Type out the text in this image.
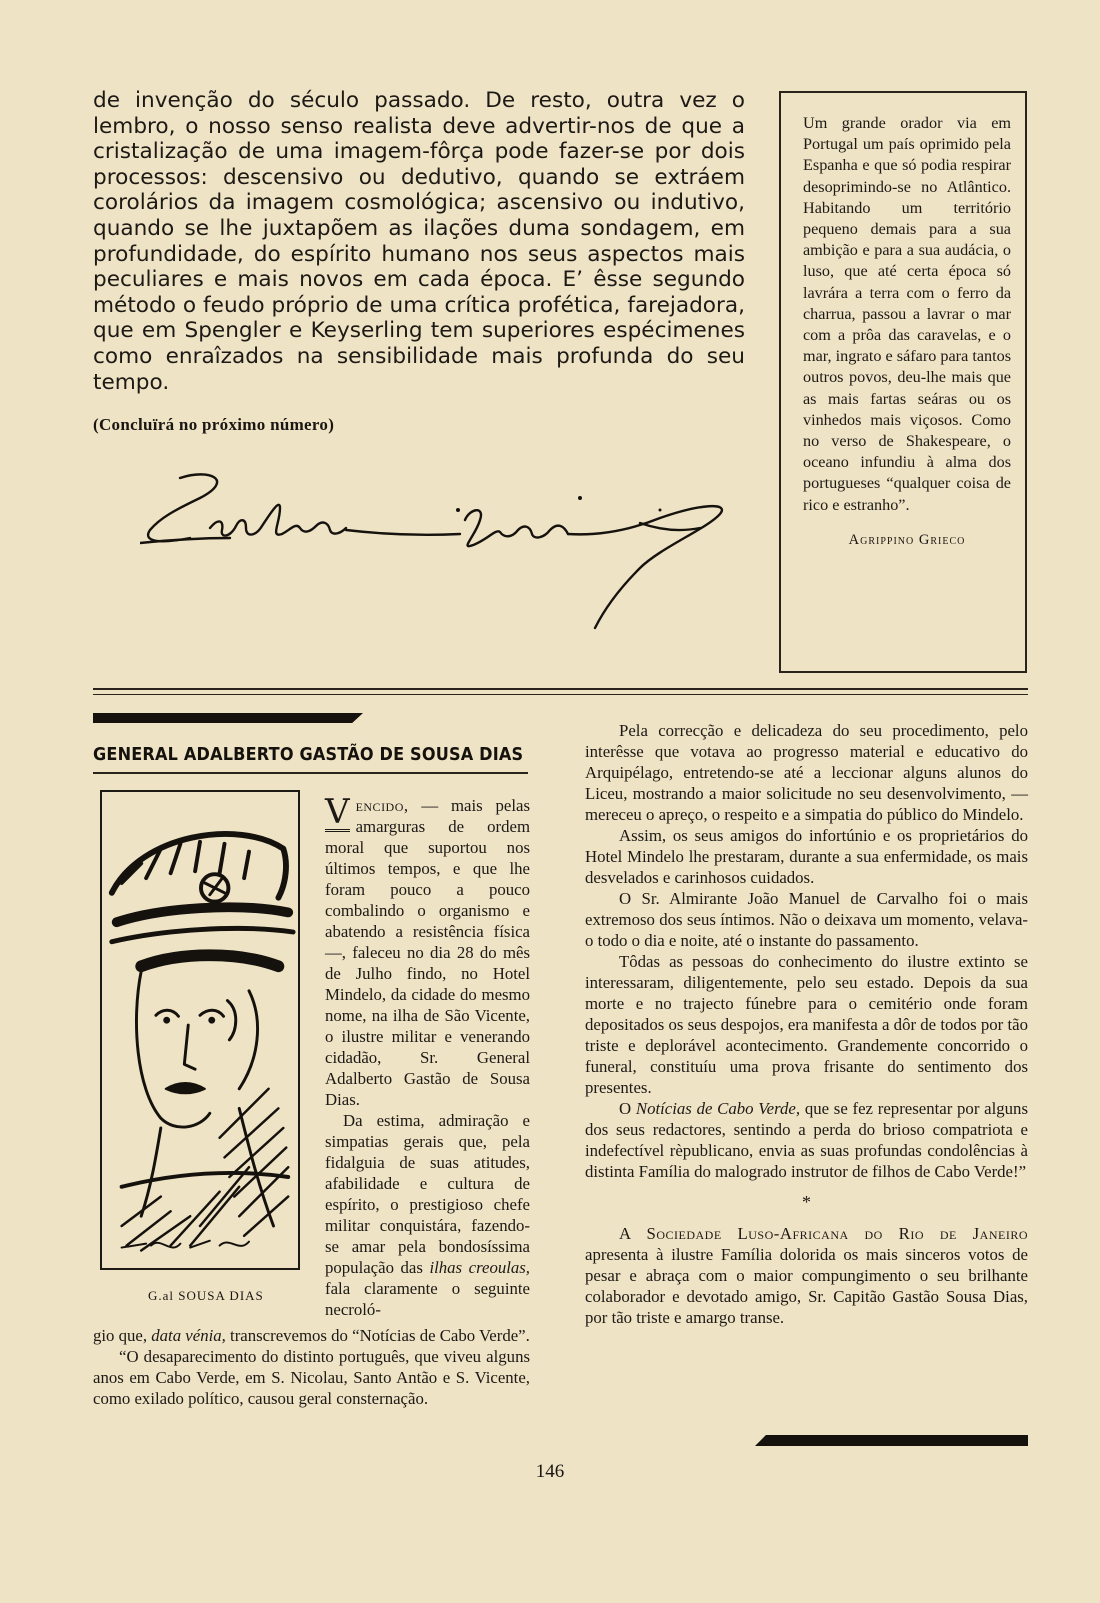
de invenção do século passado. De resto, outra vez o lembro, o nosso senso realista deve advertir-nos de que a cristalização de uma imagem-fôrça pode fazer-se por dois processos: descensivo ou dedutivo, quando se extráem corolários da imagem cosmológica; ascensivo ou indutivo, quando se lhe juxtapõem as ilações duma sondagem, em profundidade, do espírito humano nos seus aspectos mais peculiares e mais novos em cada época. E’ êsse segundo método o feudo próprio de uma crítica profética, farejadora, que em Spengler e Keyserling tem superiores espécimenes como enraîzados na sensibilidade mais profunda do seu tempo.

(Concluïrá no próximo número)
Um grande orador via em Portugal um país oprimido pela Espanha e que só podia respirar desoprimindo-se no Atlântico. Habitando um território pequeno demais para a sua ambição e para a sua audácia, o luso, que até certa época só lavrára a terra com o ferro da charrua, passou a lavrar o mar com a prôa das caravelas, e o mar, ingrato e sáfaro para tantos outros povos, deu-lhe mais que as mais fartas seáras ou os vinhedos mais viçosos. Como no verso de Shakespeare, o oceano infundiu à alma dos portugueses “qualquer coisa de rico e estranho”.
Agrippino Grieco
GENERAL ADALBERTO GASTÃO DE SOUSA DIAS
G.al SOUSA DIAS

V encido, — mais pelas amarguras de ordem moral que suportou nos últimos tempos, e que lhe foram pouco a pouco combalindo o organismo e abatendo a resistência física —, faleceu no dia 28 do mês de Julho findo, no Hotel Mindelo, da cidade do mesmo nome, na ilha de São Vicente, o ilustre militar e venerando cidadão, Sr. General Adalberto Gastão de Sousa Dias.

Da estima, admiração e simpatias gerais que, pela fidalguia de suas atitudes, afabilidade e cultura de espírito, o prestigioso chefe militar conquistára, fazendo-se amar pela bondosíssima população das ilhas creoulas, fala claramente o seguinte necroló-

gio que, data vénia, transcrevemos do “Notícias de Cabo Verde”.

“O desaparecimento do distinto português, que viveu alguns anos em Cabo Verde, em S. Nicolau, Santo Antão e S. Vicente, como exilado político, causou geral consternação.

Pela correcção e delicadeza do seu procedimento, pelo interêsse que votava ao progresso material e educativo do Arquipélago, entretendo-se até a leccionar alguns alunos do Liceu, mostrando a maior solicitude no seu desenvolvimento, — mereceu o apreço, o respeito e a simpatia do público do Mindelo.

Assim, os seus amigos do infortúnio e os proprietários do Hotel Mindelo lhe prestaram, durante a sua enfermidade, os mais desvelados e carinhosos cuidados.

O Sr. Almirante João Manuel de Carvalho foi o mais extremoso dos seus íntimos. Não o deixava um momento, velava-o todo o dia e noite, até o instante do passamento.

Tôdas as pessoas do conhecimento do ilustre extinto se interessaram, diligentemente, pelo seu estado. Depois da sua morte e no trajecto fúnebre para o cemitério onde foram depositados os seus despojos, era manifesta a dôr de todos por tão triste e deplorável acontecimento. Grandemente concorrido o funeral, constituíu uma prova frisante do sentimento dos presentes.

O Notícias de Cabo Verde, que se fez representar por alguns dos seus redactores, sentindo a perda do brioso compatriota e indefectível rèpublicano, envia as suas profundas condolências à distinta Família do malogrado instrutor de filhos de Cabo Verde!”

*

A Sociedade Luso-Africana do Rio de Janeiro apresenta à ilustre Família dolorida os mais sinceros votos de pesar e abraça com o maior compungimento o seu brilhante colaborador e devotado amigo, Sr. Capitão Gastão Sousa Dias, por tão triste e amargo transe.

146
